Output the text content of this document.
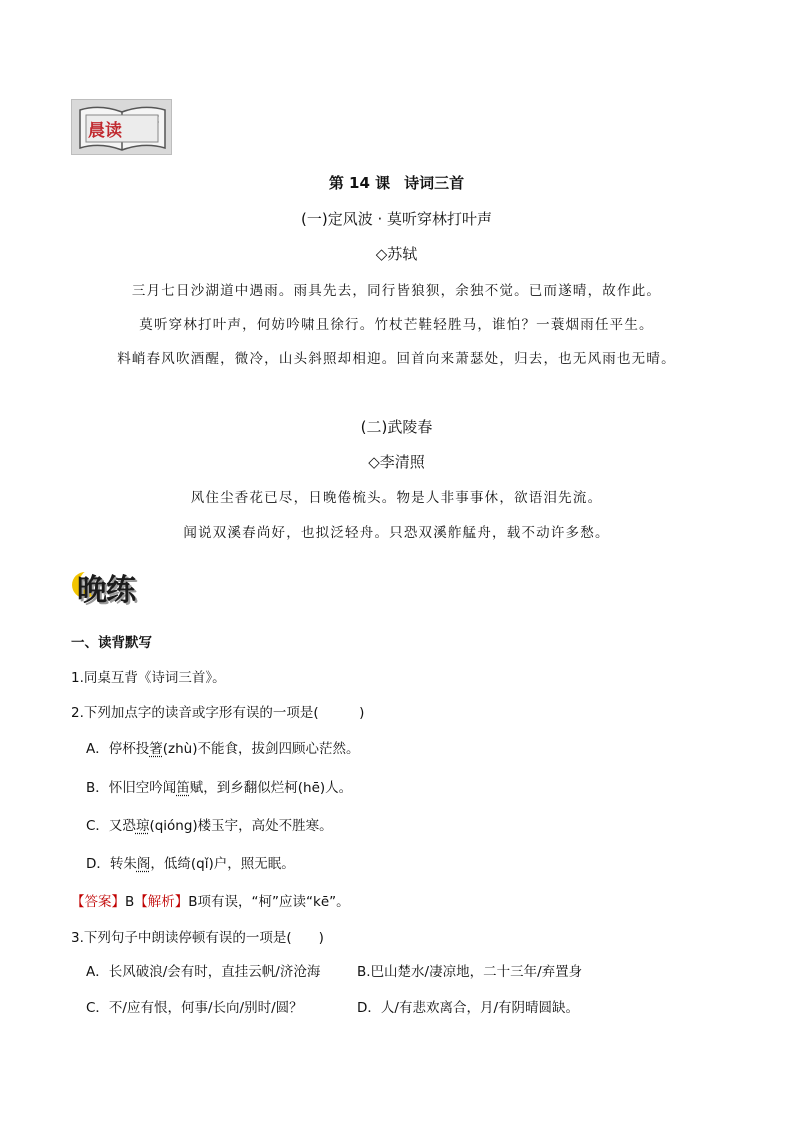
晨读
第 14 课 诗词三首
(一)定风波 · 莫听穿林打叶声
◇苏轼
三月七日沙湖道中遇雨。雨具先去，同行皆狼狈，余独不觉。已而遂晴，故作此。
莫听穿林打叶声，何妨吟啸且徐行。竹杖芒鞋轻胜马，谁怕？一蓑烟雨任平生。
料峭春风吹酒醒，微冷，山头斜照却相迎。回首向来萧瑟处，归去，也无风雨也无晴。
(二)武陵春
◇李清照
风住尘香花已尽，日晚倦梳头。物是人非事事休，欲语泪先流。
闻说双溪春尚好，也拟泛轻舟。只恐双溪舴艋舟，载不动许多愁。
晚练
一、读背默写
1.同桌互背《诗词三首》。
2.下列加点字的读音或字形有误的一项是(　　　)
A．停杯投箸(zhù)不能食，拔剑四顾心茫然。
B．怀旧空吟闻笛赋，到乡翻似烂柯(hē)人。
C．又恐琼(qióng)楼玉宇，高处不胜寒。
D．转朱阁，低绮(qǐ)户，照无眠。
【答案】B【解析】B项有误，“柯”应读“kē”。
3.下列句子中朗读停顿有误的一项是(　　)
A．长风破浪/会有时，直挂云帆/济沧海	B.巴山楚水/凄凉地，二十三年/弃置身
C．不/应有恨，何事/长向/别时/圆？	D．人/有悲欢离合，月/有阴晴圆缺。
